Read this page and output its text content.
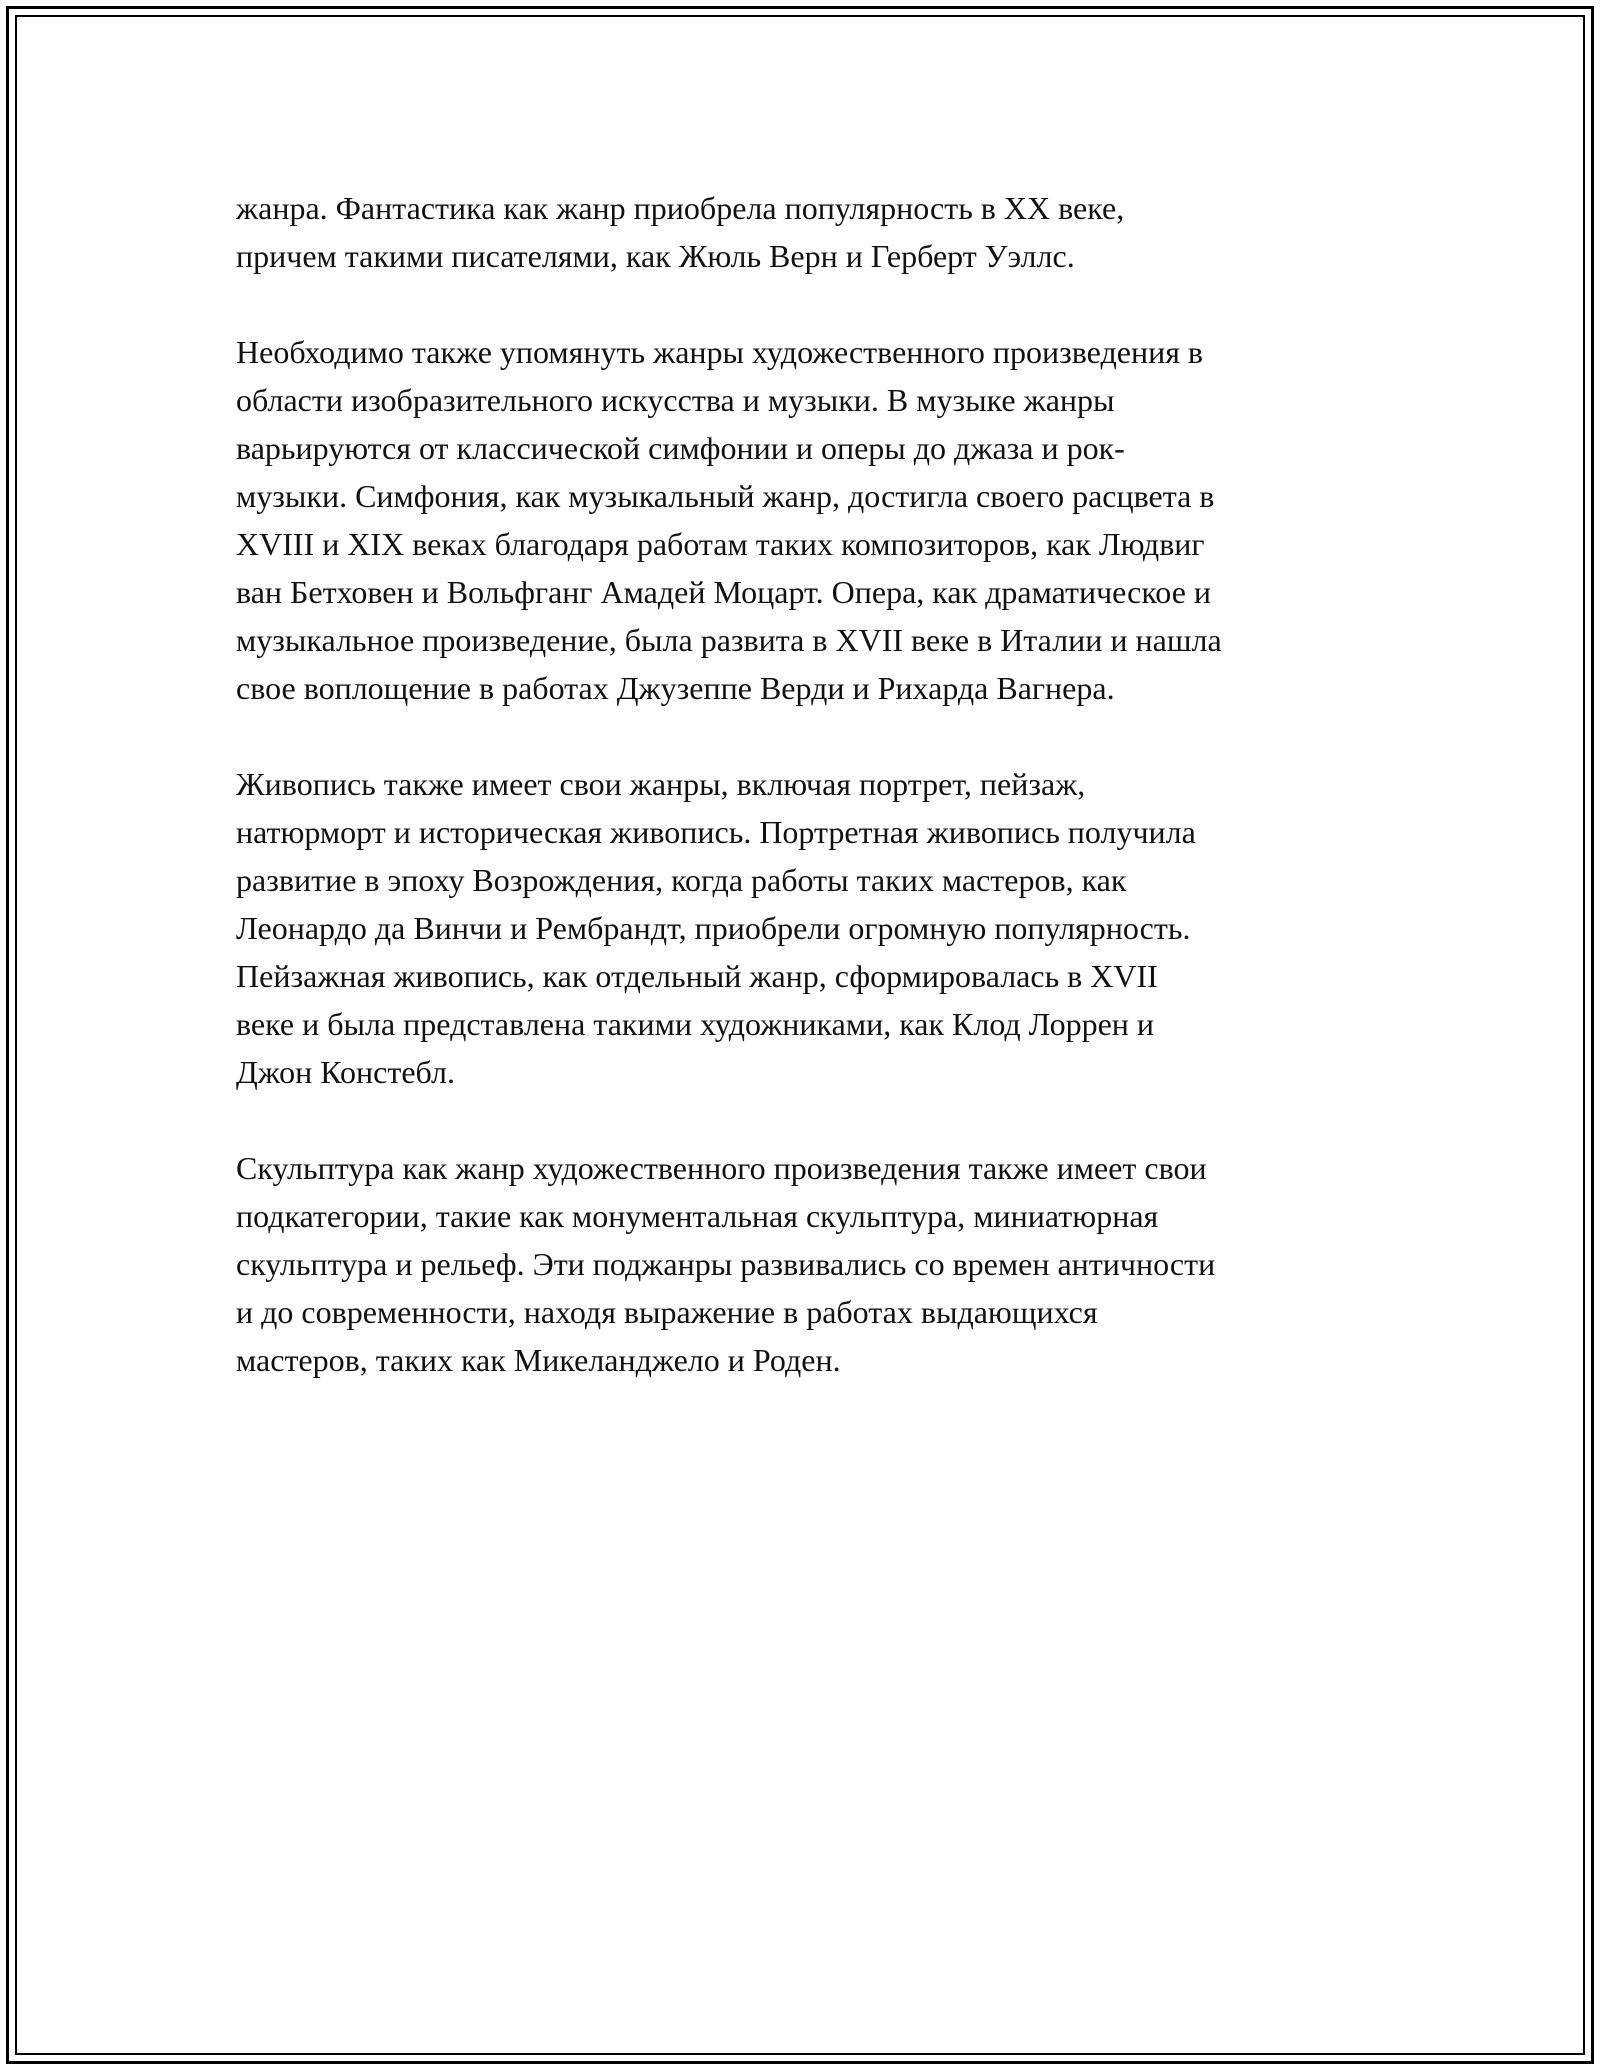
жанра. Фантастика как жанр приобрела популярность в XX веке,
причем такими писателями, как Жюль Верн и Герберт Уэллс.

Необходимо также упомянуть жанры художественного произведения в
области изобразительного искусства и музыки. В музыке жанры
варьируются от классической симфонии и оперы до джаза и рок-
музыки. Симфония, как музыкальный жанр, достигла своего расцвета в
XVIII и XIX веках благодаря работам таких композиторов, как Людвиг
ван Бетховен и Вольфганг Амадей Моцарт. Опера, как драматическое и
музыкальное произведение, была развита в XVII веке в Италии и нашла
свое воплощение в работах Джузеппе Верди и Рихарда Вагнера.

Живопись также имеет свои жанры, включая портрет, пейзаж,
натюрморт и историческая живопись. Портретная живопись получила
развитие в эпоху Возрождения, когда работы таких мастеров, как
Леонардо да Винчи и Рембрандт, приобрели огромную популярность.
Пейзажная живопись, как отдельный жанр, сформировалась в XVII
веке и была представлена такими художниками, как Клод Лоррен и
Джон Констебл.

Скульптура как жанр художественного произведения также имеет свои
подкатегории, такие как монументальная скульптура, миниатюрная
скульптура и рельеф. Эти поджанры развивались со времен античности
и до современности, находя выражение в работах выдающихся
мастеров, таких как Микеланджело и Роден.
